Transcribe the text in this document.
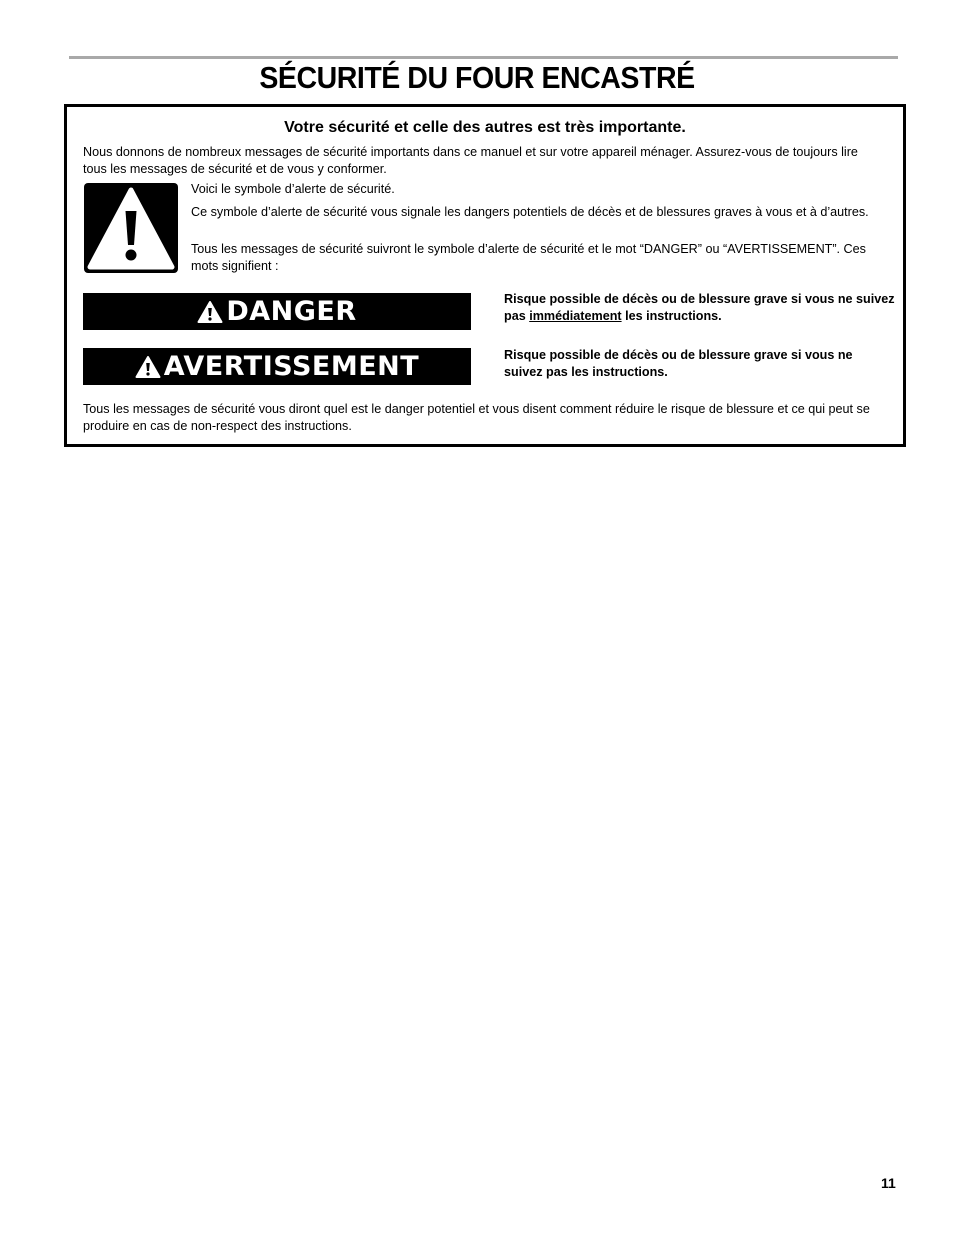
SÉCURITÉ DU FOUR ENCASTRÉ

Votre sécurité et celle des autres est très importante.

Nous donnons de nombreux messages de sécurité importants dans ce manuel et sur votre appareil ménager. Assurez-vous de toujours lire tous les messages de sécurité et de vous y conformer.

Voici le symbole d’alerte de sécurité.

Ce symbole d’alerte de sécurité vous signale les dangers potentiels de décès et de blessures graves à vous et à d’autres.

Tous les messages de sécurité suivront le symbole d’alerte de sécurité et le mot “DANGER” ou “AVERTISSEMENT”. Ces mots signifient :

DANGER	Risque possible de décès ou de blessure grave si vous ne suivez pas immédiatement les instructions.

AVERTISSEMENT	Risque possible de décès ou de blessure grave si vous ne suivez pas les instructions.

Tous les messages de sécurité vous diront quel est le danger potentiel et vous disent comment réduire le risque de blessure et ce qui peut se produire en cas de non-respect des instructions.

11
